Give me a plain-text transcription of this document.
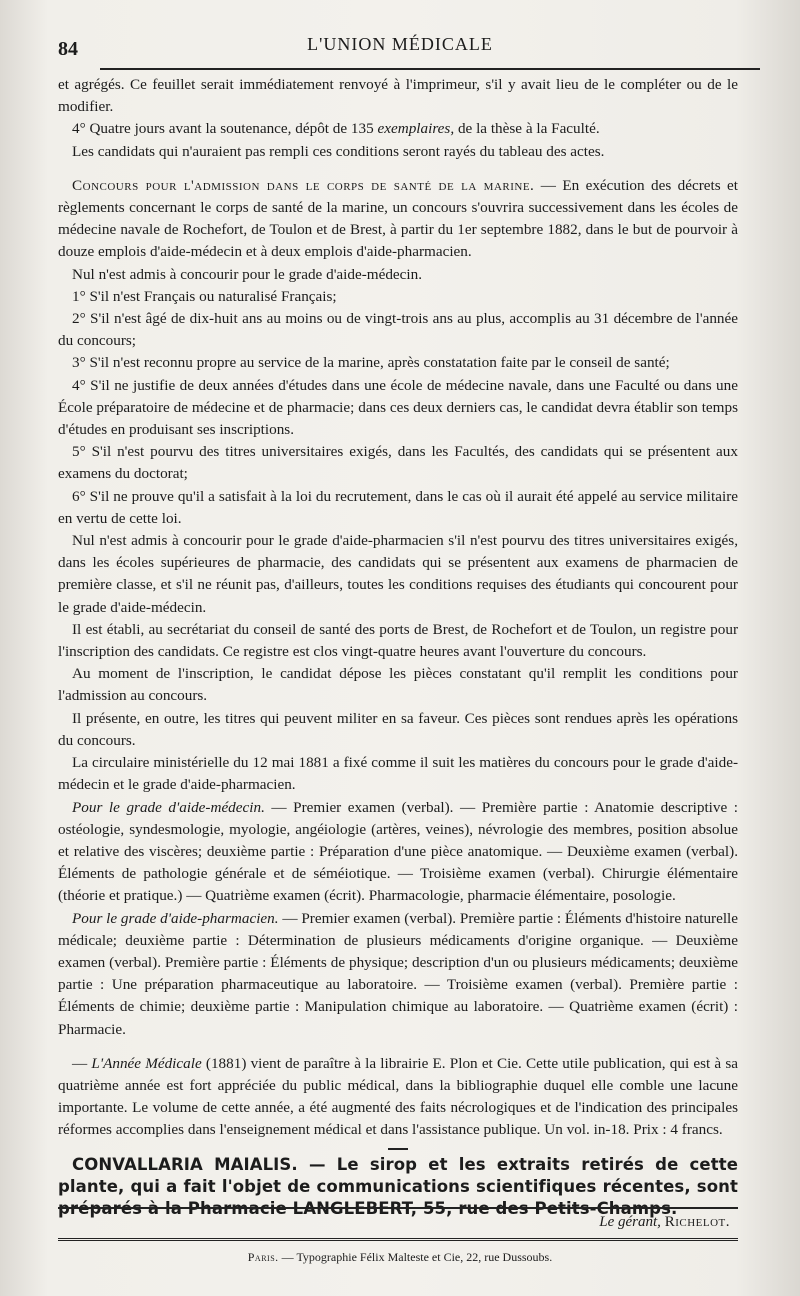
84	L'UNION MÉDICALE

et agrégés. Ce feuillet serait immédiatement renvoyé à l'imprimeur, s'il y avait lieu de le compléter ou de le modifier.

4° Quatre jours avant la soutenance, dépôt de 135 exemplaires, de la thèse à la Faculté.

Les candidats qui n'auraient pas rempli ces conditions seront rayés du tableau des actes.

Concours pour l'admission dans le corps de santé de la marine. — En exécution des décrets et règlements concernant le corps de santé de la marine, un concours s'ouvrira successivement dans les écoles de médecine navale de Rochefort, de Toulon et de Brest, à partir du 1er septembre 1882, dans le but de pourvoir à douze emplois d'aide-médecin et à deux emplois d'aide-pharmacien.

Nul n'est admis à concourir pour le grade d'aide-médecin.

1° S'il n'est Français ou naturalisé Français;

2° S'il n'est âgé de dix-huit ans au moins ou de vingt-trois ans au plus, accomplis au 31 décembre de l'année du concours;

3° S'il n'est reconnu propre au service de la marine, après constatation faite par le conseil de santé;

4° S'il ne justifie de deux années d'études dans une école de médecine navale, dans une Faculté ou dans une École préparatoire de médecine et de pharmacie; dans ces deux derniers cas, le candidat devra établir son temps d'études en produisant ses inscriptions.

5° S'il n'est pourvu des titres universitaires exigés, dans les Facultés, des candidats qui se présentent aux examens du doctorat;

6° S'il ne prouve qu'il a satisfait à la loi du recrutement, dans le cas où il aurait été appelé au service militaire en vertu de cette loi.

Nul n'est admis à concourir pour le grade d'aide-pharmacien s'il n'est pourvu des titres universitaires exigés, dans les écoles supérieures de pharmacie, des candidats qui se présentent aux examens de pharmacien de première classe, et s'il ne réunit pas, d'ailleurs, toutes les conditions requises des étudiants qui concourent pour le grade d'aide-médecin.

Il est établi, au secrétariat du conseil de santé des ports de Brest, de Rochefort et de Toulon, un registre pour l'inscription des candidats. Ce registre est clos vingt-quatre heures avant l'ouverture du concours.

Au moment de l'inscription, le candidat dépose les pièces constatant qu'il remplit les conditions pour l'admission au concours.

Il présente, en outre, les titres qui peuvent militer en sa faveur. Ces pièces sont rendues après les opérations du concours.

La circulaire ministérielle du 12 mai 1881 a fixé comme il suit les matières du concours pour le grade d'aide-médecin et le grade d'aide-pharmacien.

Pour le grade d'aide-médecin. — Premier examen (verbal). — Première partie : Anatomie descriptive : ostéologie, syndesmologie, myologie, angéiologie (artères, veines), névrologie des membres, position absolue et relative des viscères; deuxième partie : Préparation d'une pièce anatomique. — Deuxième examen (verbal). Éléments de pathologie générale et de séméiotique. — Troisième examen (verbal). Chirurgie élémentaire (théorie et pratique.) — Quatrième examen (écrit). Pharmacologie, pharmacie élémentaire, posologie.

Pour le grade d'aide-pharmacien. — Premier examen (verbal). Première partie : Éléments d'histoire naturelle médicale; deuxième partie : Détermination de plusieurs médicaments d'origine organique. — Deuxième examen (verbal). Première partie : Éléments de physique; description d'un ou plusieurs médicaments; deuxième partie : Une préparation pharmaceutique au laboratoire. — Troisième examen (verbal). Première partie : Éléments de chimie; deuxième partie : Manipulation chimique au laboratoire. — Quatrième examen (écrit) : Pharmacie.

— L'Année Médicale (1881) vient de paraître à la librairie E. Plon et Cie. Cette utile publication, qui est à sa quatrième année est fort appréciée du public médical, dans la bibliographie duquel elle comble une lacune importante. Le volume de cette année, a été augmenté des faits nécrologiques et de l'indication des principales réformes accomplies dans l'enseignement médical et dans l'assistance publique. Un vol. in-18. Prix : 4 francs.

CONVALLARIA MAIALIS. — Le sirop et les extraits retirés de cette plante, qui a fait l'objet de communications scientifiques récentes, sont préparés à la Pharmacie LANGLEBERT, 55, rue des Petits-Champs.

Le gérant, Richelot.
Paris. — Typographie Félix Malteste et Cie, 22, rue Dussoubs.
